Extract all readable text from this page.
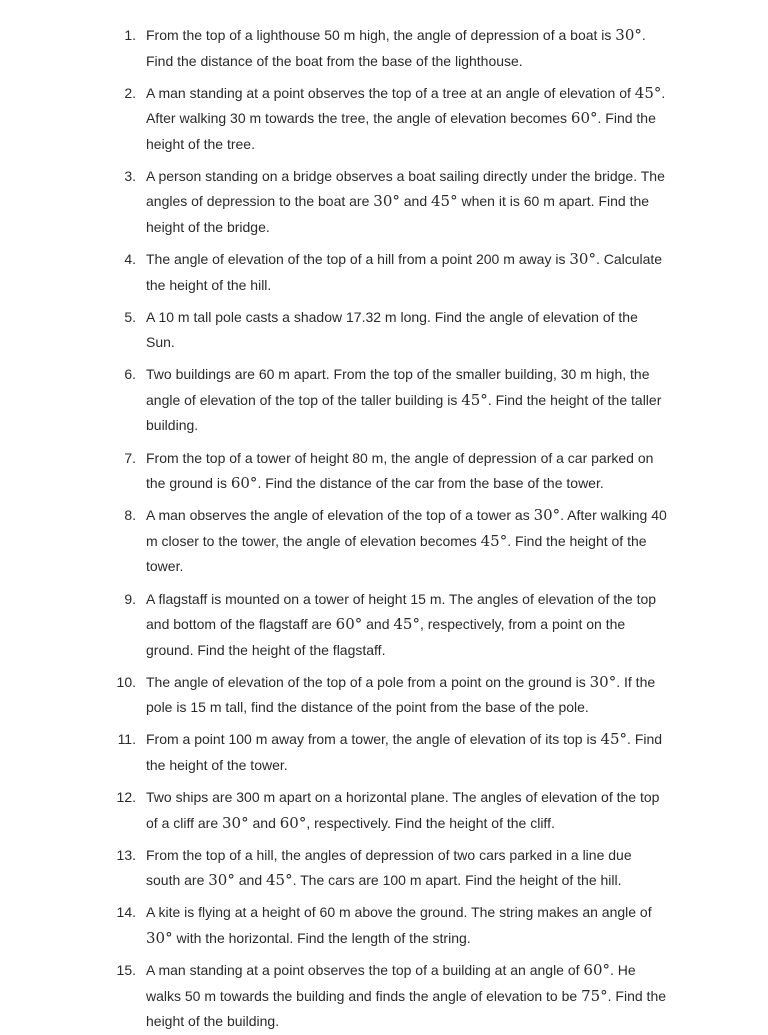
1. From the top of a lighthouse 50 m high, the angle of depression of a boat is 30°.
Find the distance of the boat from the base of the lighthouse.
2. A man standing at a point observes the top of a tree at an angle of elevation of 45°.
After walking 30 m towards the tree, the angle of elevation becomes 60°. Find the
height of the tree.
3. A person standing on a bridge observes a boat sailing directly under the bridge. The
angles of depression to the boat are 30° and 45° when it is 60 m apart. Find the
height of the bridge.
4. The angle of elevation of the top of a hill from a point 200 m away is 30°. Calculate
the height of the hill.
5. A 10 m tall pole casts a shadow 17.32 m long. Find the angle of elevation of the
Sun.
6. Two buildings are 60 m apart. From the top of the smaller building, 30 m high, the
angle of elevation of the top of the taller building is 45°. Find the height of the taller
building.
7. From the top of a tower of height 80 m, the angle of depression of a car parked on
the ground is 60°. Find the distance of the car from the base of the tower.
8. A man observes the angle of elevation of the top of a tower as 30°. After walking 40
m closer to the tower, the angle of elevation becomes 45°. Find the height of the
tower.
9. A flagstaff is mounted on a tower of height 15 m. The angles of elevation of the top
and bottom of the flagstaff are 60° and 45°, respectively, from a point on the
ground. Find the height of the flagstaff.
10. The angle of elevation of the top of a pole from a point on the ground is 30°. If the
pole is 15 m tall, find the distance of the point from the base of the pole.
11. From a point 100 m away from a tower, the angle of elevation of its top is 45°. Find
the height of the tower.
12. Two ships are 300 m apart on a horizontal plane. The angles of elevation of the top
of a cliff are 30° and 60°, respectively. Find the height of the cliff.
13. From the top of a hill, the angles of depression of two cars parked in a line due
south are 30° and 45°. The cars are 100 m apart. Find the height of the hill.
14. A kite is flying at a height of 60 m above the ground. The string makes an angle of
30° with the horizontal. Find the length of the string.
15. A man standing at a point observes the top of a building at an angle of 60°. He
walks 50 m towards the building and finds the angle of elevation to be 75°. Find the
height of the building.
